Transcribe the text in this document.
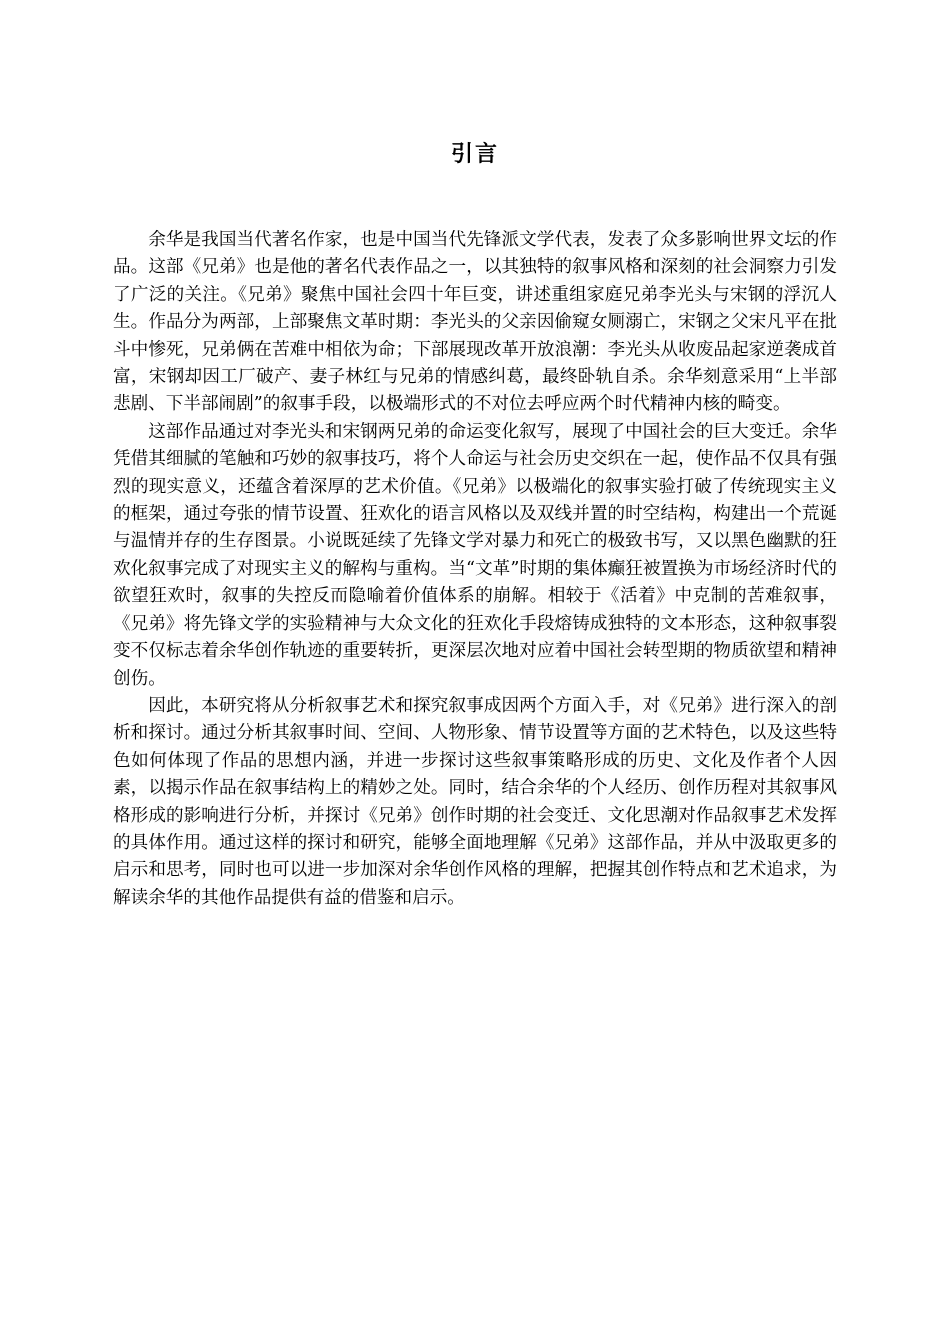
引言

余华是我国当代著名作家，也是中国当代先锋派文学代表，发表了众多影响世界文坛的作品。这部《兄弟》也是他的著名代表作品之一，以其独特的叙事风格和深刻的社会洞察力引发了广泛的关注。《兄弟》聚焦中国社会四十年巨变，讲述重组家庭兄弟李光头与宋钢的浮沉人生。作品分为两部，上部聚焦文革时期：李光头的父亲因偷窥女厕溺亡，宋钢之父宋凡平在批斗中惨死，兄弟俩在苦难中相依为命；下部展现改革开放浪潮：李光头从收废品起家逆袭成首富，宋钢却因工厂破产、妻子林红与兄弟的情感纠葛，最终卧轨自杀。余华刻意采用“上半部悲剧、下半部闹剧”的叙事手段，以极端形式的不对位去呼应两个时代精神内核的畸变。

这部作品通过对李光头和宋钢两兄弟的命运变化叙写，展现了中国社会的巨大变迁。余华凭借其细腻的笔触和巧妙的叙事技巧，将个人命运与社会历史交织在一起，使作品不仅具有强烈的现实意义，还蕴含着深厚的艺术价值。《兄弟》以极端化的叙事实验打破了传统现实主义的框架，通过夸张的情节设置、狂欢化的语言风格以及双线并置的时空结构，构建出一个荒诞与温情并存的生存图景。小说既延续了先锋文学对暴力和死亡的极致书写，又以黑色幽默的狂欢化叙事完成了对现实主义的解构与重构。当“文革”时期的集体癫狂被置换为市场经济时代的欲望狂欢时，叙事的失控反而隐喻着价值体系的崩解。相较于《活着》中克制的苦难叙事，《兄弟》将先锋文学的实验精神与大众文化的狂欢化手段熔铸成独特的文本形态，这种叙事裂变不仅标志着余华创作轨迹的重要转折，更深层次地对应着中国社会转型期的物质欲望和精神创伤。

因此，本研究将从分析叙事艺术和探究叙事成因两个方面入手，对《兄弟》进行深入的剖析和探讨。通过分析其叙事时间、空间、人物形象、情节设置等方面的艺术特色，以及这些特色如何体现了作品的思想内涵，并进一步探讨这些叙事策略形成的历史、文化及作者个人因素，以揭示作品在叙事结构上的精妙之处。同时，结合余华的个人经历、创作历程对其叙事风格形成的影响进行分析，并探讨《兄弟》创作时期的社会变迁、文化思潮对作品叙事艺术发挥的具体作用。通过这样的探讨和研究，能够全面地理解《兄弟》这部作品，并从中汲取更多的启示和思考，同时也可以进一步加深对余华创作风格的理解，把握其创作特点和艺术追求，为解读余华的其他作品提供有益的借鉴和启示。
